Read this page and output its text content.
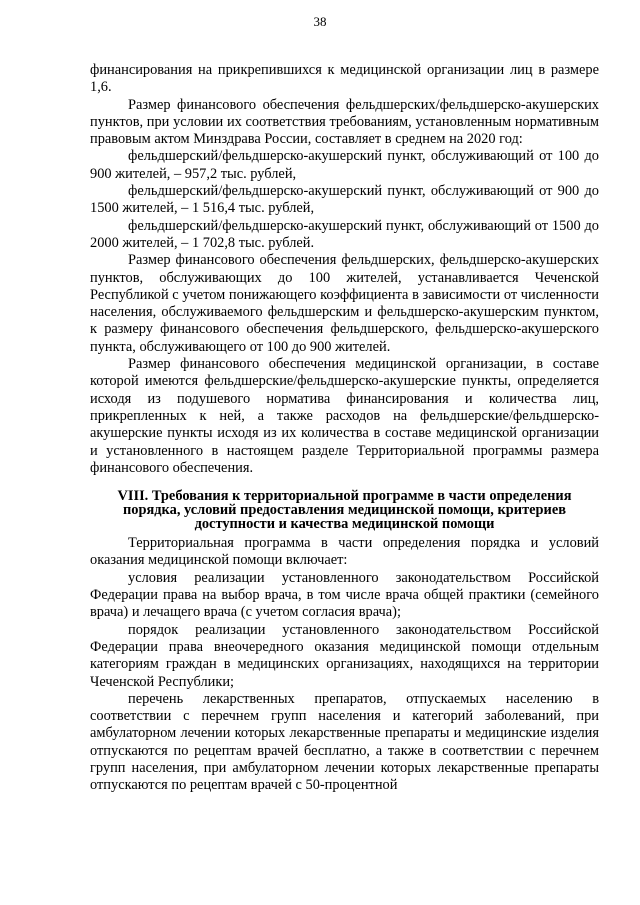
38

финансирования на прикрепившихся к медицинской организации лиц в размере 1,6.

Размер финансового обеспечения фельдшерских/фельдшерско-акушерских пунктов, при условии их соответствия требованиям, установленным нормативным правовым актом Минздрава России, составляет в среднем на 2020 год:

фельдшерский/фельдшерско-акушерский пункт, обслуживающий от 100 до 900 жителей, – 957,2 тыс. рублей,

фельдшерский/фельдшерско-акушерский пункт, обслуживающий от 900 до 1500 жителей, – 1 516,4 тыс. рублей,

фельдшерский/фельдшерско-акушерский пункт, обслуживающий от 1500 до 2000 жителей, – 1 702,8 тыс. рублей.

Размер финансового обеспечения фельдшерских, фельдшерско-акушерских пунктов, обслуживающих до 100 жителей, устанавливается Чеченской Республикой с учетом понижающего коэффициента в зависимости от численности населения, обслуживаемого фельдшерским и фельдшерско-акушерским пунктом, к размеру финансового обеспечения фельдшерского, фельдшерско-акушерского пункта, обслуживающего от 100 до 900 жителей.

Размер финансового обеспечения медицинской организации, в составе которой имеются фельдшерские/фельдшерско-акушерские пункты, определяется исходя из подушевого норматива финансирования и количества лиц, прикрепленных к ней, а также расходов на фельдшерские/фельдшерско-акушерские пункты исходя из их количества в составе медицинской организации и установленного в настоящем разделе Территориальной программы размера финансового обеспечения.

VIII. Требования к территориальной программе в части определения порядка, условий предоставления медицинской помощи, критериев доступности и качества медицинской помощи

Территориальная программа в части определения порядка и условий оказания медицинской помощи включает:

условия реализации установленного законодательством Российской Федерации права на выбор врача, в том числе врача общей практики (семейного врача) и лечащего врача (с учетом согласия врача);

порядок реализации установленного законодательством Российской Федерации права внеочередного оказания медицинской помощи отдельным категориям граждан в медицинских организациях, находящихся на территории Чеченской Республики;

перечень лекарственных препаратов, отпускаемых населению в соответствии с перечнем групп населения и категорий заболеваний, при амбулаторном лечении которых лекарственные препараты и медицинские изделия отпускаются по рецептам врачей бесплатно, а также в соответствии с перечнем групп населения, при амбулаторном лечении которых лекарственные препараты отпускаются по рецептам врачей с 50-процентной
